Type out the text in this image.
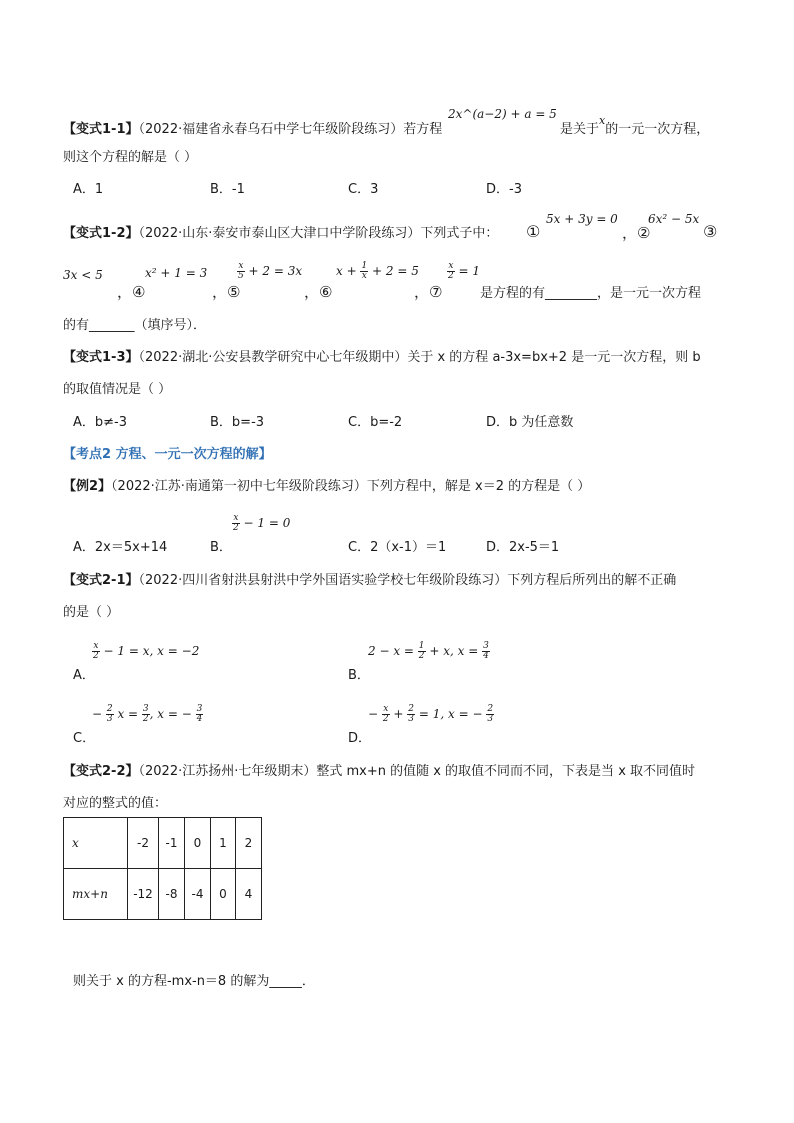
【变式1-1】（2022·福建省永春乌石中学七年级阶段练习）若方程
2x^(a−2) + a = 5
是关于$^x$的一元一次方程，
则这个方程的解是（ ）
A．1	B．-1	C．3	D．-3
【变式1-2】（2022·山东·泰安市泰山区大津口中学阶段练习）下列式子中： ①
5x + 3y = 0
，②
6x² − 5x
③
3x < 5
，④
x² + 1 = 3
，⑤
$\frac{x}{5} + 2 = 3x$
，⑥
$x + \frac{1}{x} + 2 = 5$
，⑦
$\frac{x}{2} = 1$
是方程的有________，是一元一次方程
的有_______（填序号）．
【变式1-3】（2022·湖北·公安县教学研究中心七年级期中）关于 x 的方程 a-3x=bx+2 是一元一次方程，则 b
的取值情况是（ ）
A．b≠-3	B．b=-3	C．b=-2	D．b 为任意数
【考点2 方程、一元一次方程的解】
【例2】（2022·江苏·南通第一初中七年级阶段练习）下列方程中，解是 x＝2 的方程是（ ）
A．2x＝5x+14	B．
$\frac{x}{2} - 1 = 0$
C．2（x-1）＝1	D．2x-5＝1
【变式2-1】（2022·四川省射洪县射洪中学外国语实验学校七年级阶段练习）下列方程后所列出的解不正确
的是（ ）
$\frac{x}{2} - 1 = x$, x = −2
A．
$2 - x = \frac{1}{2} + x$, $x = \frac{3}{4}$
B．
− $\frac{2}{3}$ $x = \frac{3}{2}$ , x = − $\frac{3}{4}$
C．
− $\frac{x}{2} + \frac{2}{3} = 1$, x = − $\frac{2}{3}$
D．
【变式2-2】（2022·江苏扬州·七年级期末）整式 mx+n 的值随 x 的取值不同而不同，下表是当 x 取不同值时
对应的整式的值：
x	-2	-1	0	1	2
mx+n	-12	-8	-4	0	4
则关于 x 的方程-mx-n＝8 的解为_____．
